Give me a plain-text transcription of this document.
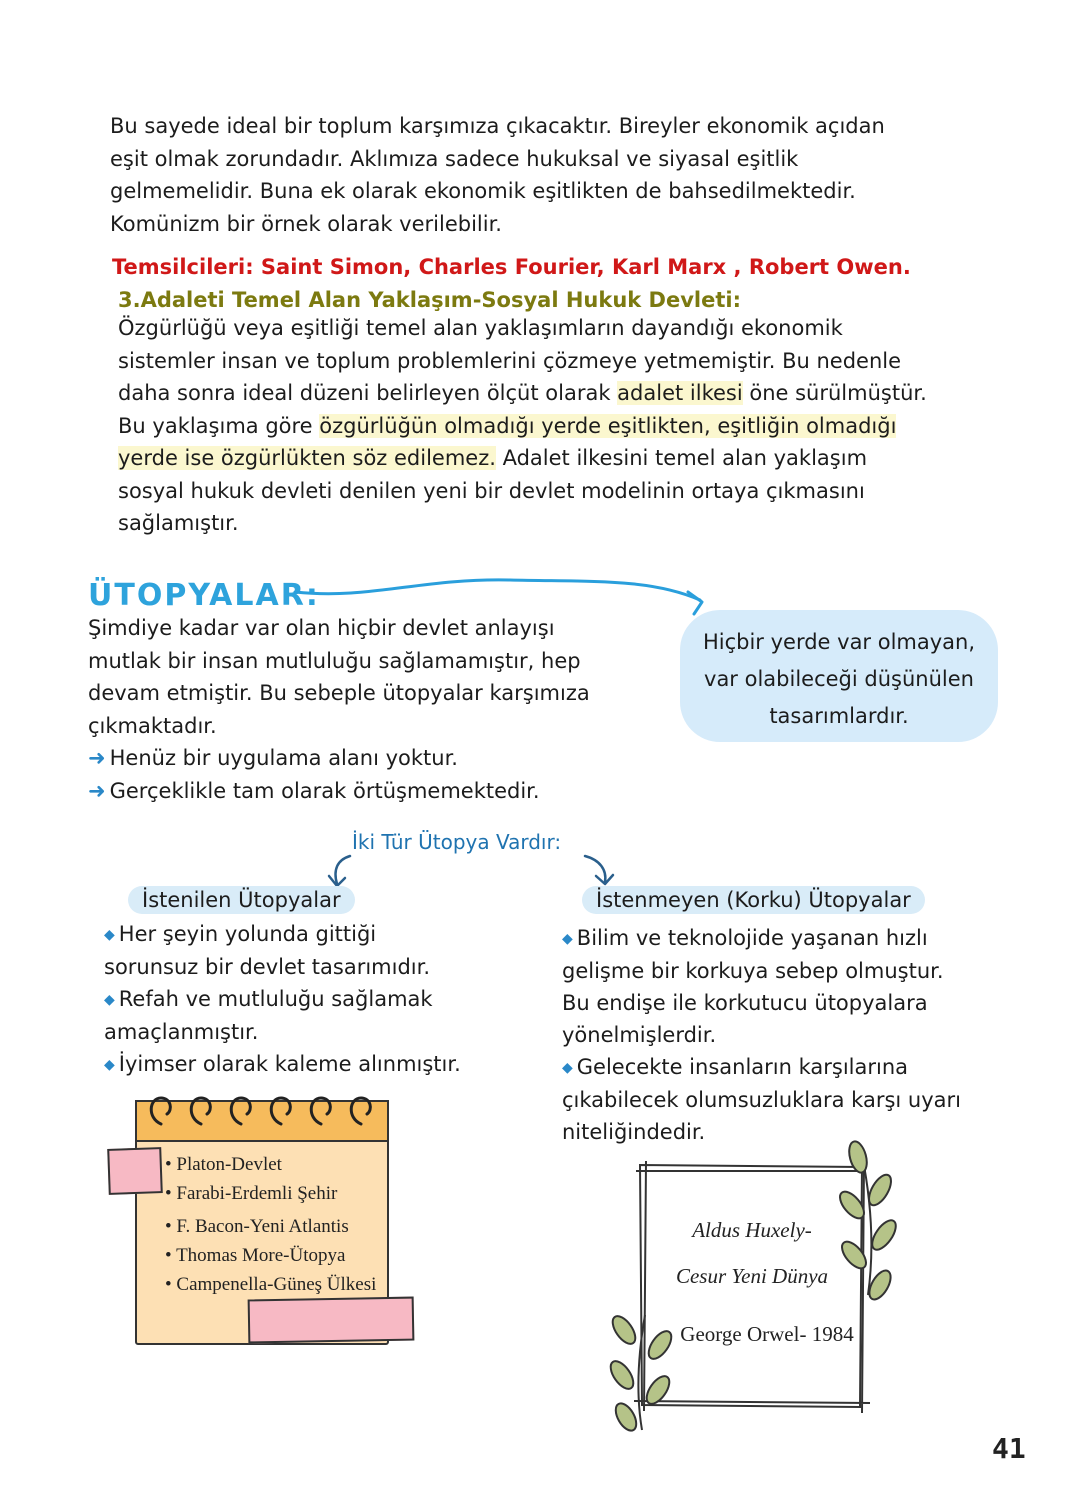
Bu sayede ideal bir toplum karşımıza çıkacaktır. Bireyler ekonomik açıdan

eşit olmak zorundadır. Aklımıza sadece hukuksal ve siyasal eşitlik

gelmemelidir. Buna ek olarak ekonomik eşitlikten de bahsedilmektedir.

Komünizm bir örnek olarak verilebilir.

Temsilcileri: Saint Simon, Charles Fourier, Karl Marx , Robert Owen.
3.Adaleti Temel Alan Yaklaşım-Sosyal Hukuk Devleti:

Özgürlüğü veya eşitliği temel alan yaklaşımların dayandığı ekonomik

sistemler insan ve toplum problemlerini çözmeye yetmemiştir. Bu nedenle

daha sonra ideal düzeni belirleyen ölçüt olarak adalet ilkesi öne sürülmüştür.

Bu yaklaşıma göre özgürlüğün olmadığı yerde eşitlikten, eşitliğin olmadığı

yerde ise özgürlükten söz edilemez. Adalet ilkesini temel alan yaklaşım

sosyal hukuk devleti denilen yeni bir devlet modelinin ortaya çıkmasını

sağlamıştır.

ÜTOPYALAR:

Şimdiye kadar var olan hiçbir devlet anlayışı

mutlak bir insan mutluluğu sağlamamıştır, hep

devam etmiştir. Bu sebeple ütopyalar karşımıza

çıkmaktadır.

➜ Henüz bir uygulama alanı yoktur.

➜ Gerçeklikle tam olarak örtüşmemektedir.

Hiçbir yerde var olmayan,
var olabileceği düşünülen
tasarımlardır.
İki Tür Ütopya Vardır:
İstenilen Ütopyalar
◆ Her şeyin yolunda gittiği
sorunsuz bir devlet tasarımıdır.
◆ Refah ve mutluluğu sağlamak
amaçlanmıştır.
◆ İyimser olarak kaleme alınmıştır.
• Platon-Devlet
• Farabi-Erdemli Şehir
• F. Bacon-Yeni Atlantis
• Thomas More-Ütopya
• Campenella-Güneş Ülkesi
İstenmeyen (Korku) Ütopyalar
◆ Bilim ve teknolojide yaşanan hızlı
gelişme bir korkuya sebep olmuştur.
Bu endişe ile korkutucu ütopyalara
yönelmişlerdir.
◆ Gelecekte insanların karşılarına
çıkabilecek olumsuzluklara karşı uyarı
niteliğindedir.
Aldus Huxely-
Cesur Yeni Dünya
George Orwel- 1984
41
